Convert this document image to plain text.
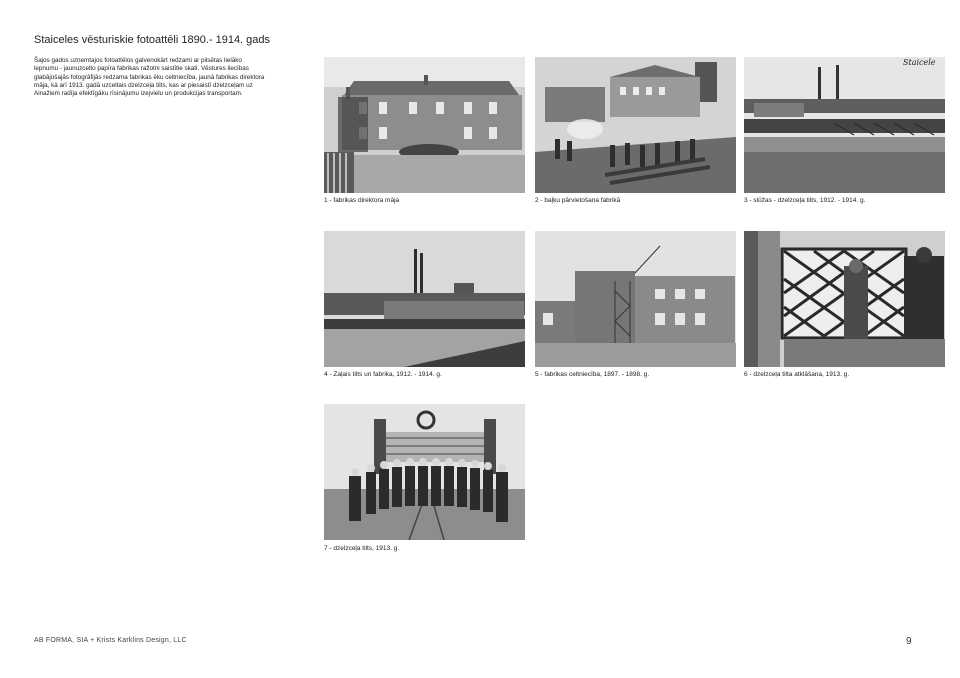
Staiceles vēsturiskie fotoattēli 1890.- 1914. gads

Šajos gados uzņemtajos fotoattēlos galvenokārt redzami ar pilsētas lielāko lepnumu - jaunuzcelto papīra fabrikas ražotni saistītie skati. Vēstures liecības glabājošajās fotogrāfijās redzama fabrikas ēku celtniecība, jaunā fabrikas direktora māja, kā arī 1913. gadā uzceltais dzelzceļa tilts, kas ar piesaistī dzelzceļam uz Ainažiem radīja efektīgāku rīsinājumu izejvielu un produkcijas transportam.

1 - fabrikas direktora māja	2 - baļķu pārvietošana fabrikā
Staicele
3 - slūžas - dzelzceļa tilts, 1912. - 1914. g.
4 - Zaļais tilts un fabrika, 1912. - 1914. g.	5 - fabrikas celtniecība, 1897. - 1898. g.	6 - dzelzceļa tilta atklāšana, 1913. g.
7 - dzelzceļa tilts, 1913. g.
AB FORMA, SIA + Krists Karklins Design, LLC	9
